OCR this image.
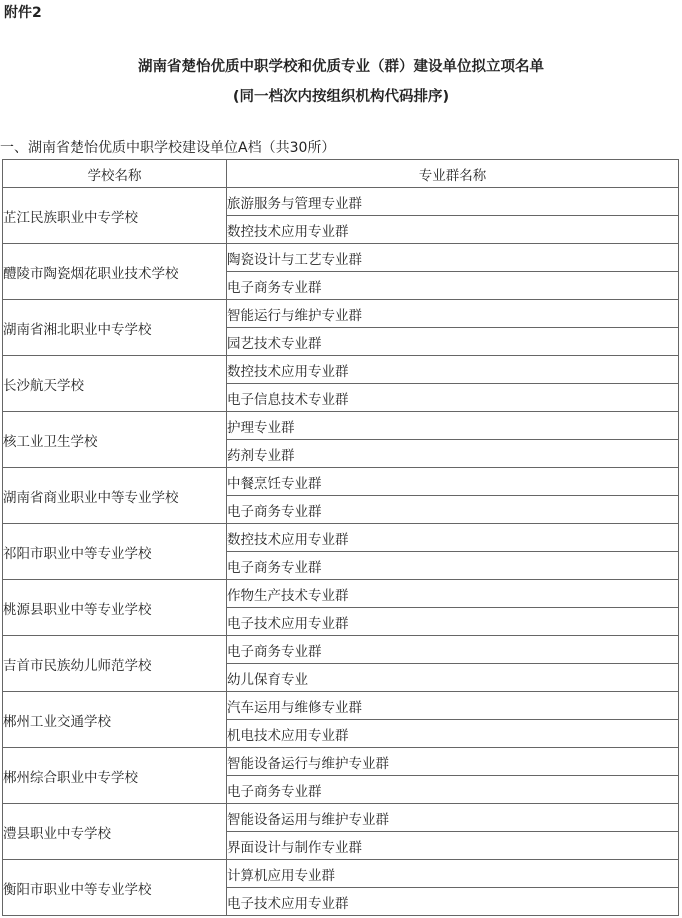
附件2
湖南省楚怡优质中职学校和优质专业（群）建设单位拟立项名单
(同一档次内按组织机构代码排序)
一、湖南省楚怡优质中职学校建设单位A档（共30所）
学校名称	专业群名称
芷江民族职业中专学校	旅游服务与管理专业群
	数控技术应用专业群
醴陵市陶瓷烟花职业技术学校	陶瓷设计与工艺专业群
	电子商务专业群
湖南省湘北职业中专学校	智能运行与维护专业群
	园艺技术专业群
长沙航天学校	数控技术应用专业群
	电子信息技术专业群
核工业卫生学校	护理专业群
	药剂专业群
湖南省商业职业中等专业学校	中餐烹饪专业群
	电子商务专业群
祁阳市职业中等专业学校	数控技术应用专业群
	电子商务专业群
桃源县职业中等专业学校	作物生产技术专业群
	电子技术应用专业群
吉首市民族幼儿师范学校	电子商务专业群
	幼儿保育专业
郴州工业交通学校	汽车运用与维修专业群
	机电技术应用专业群
郴州综合职业中专学校	智能设备运行与维护专业群
	电子商务专业群
澧县职业中专学校	智能设备运用与维护专业群
	界面设计与制作专业群
衡阳市职业中等专业学校	计算机应用专业群
	电子技术应用专业群
